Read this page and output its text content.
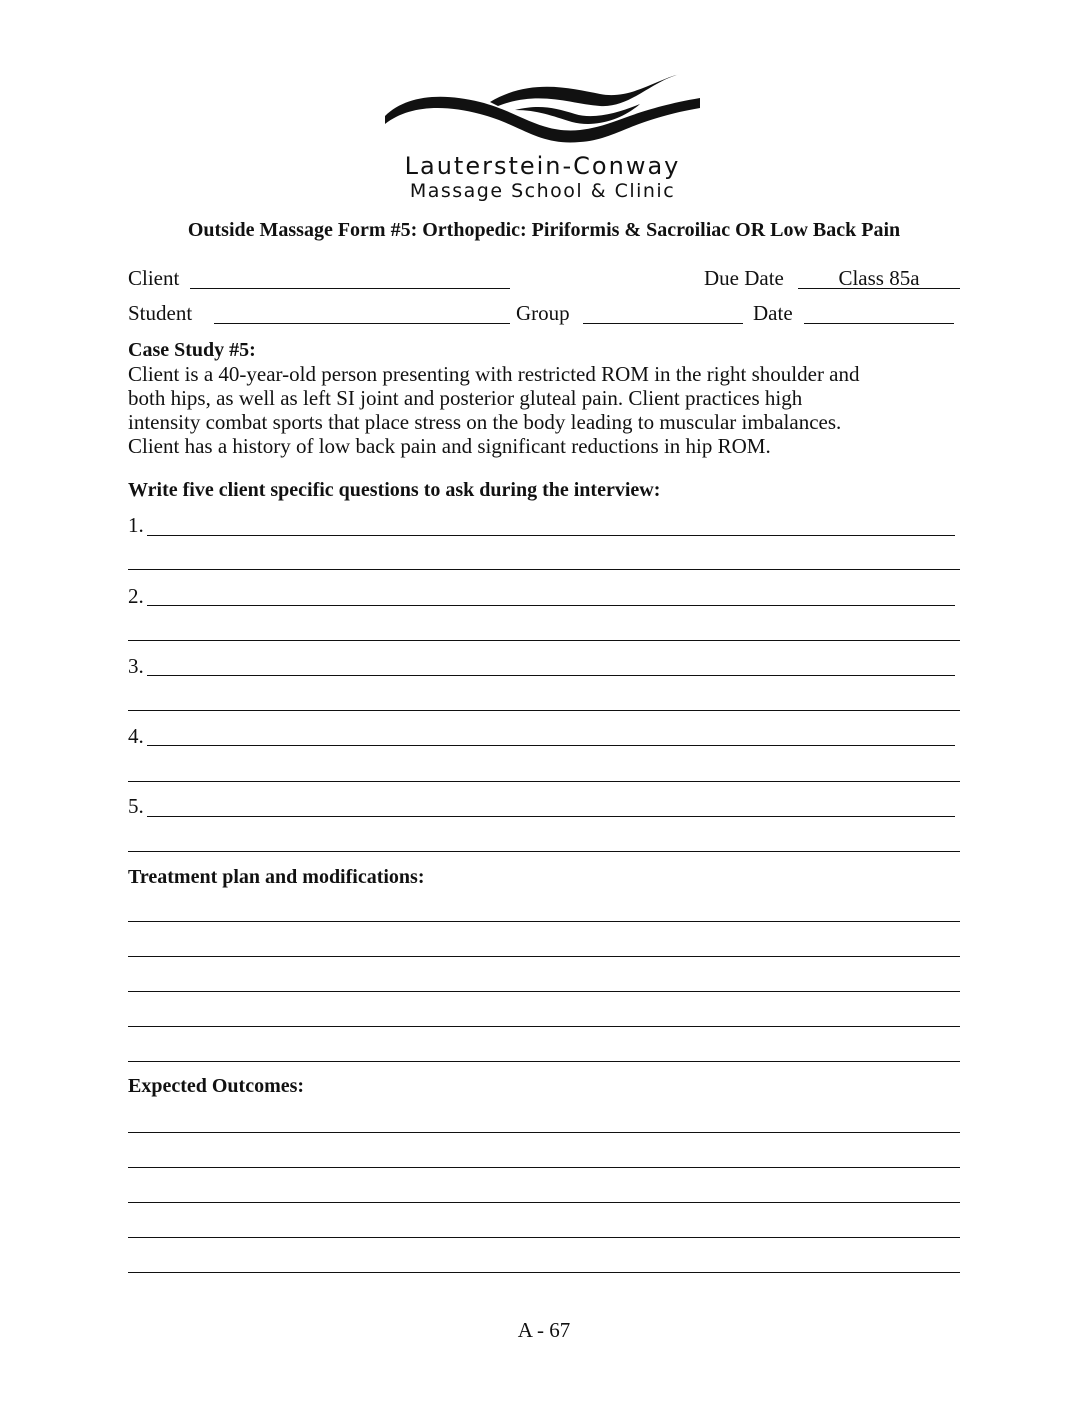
Lauterstein-Conway
Massage School & Clinic
Outside Massage Form #5: Orthopedic: Piriformis & Sacroiliac OR Low Back Pain
Client	Due Date	Class 85a
Student	Group	Date
Case Study #5:
Client is a 40-year-old person presenting with restricted ROM in the right shoulder and
both hips, as well as left SI joint and posterior gluteal pain. Client practices high
intensity combat sports that place stress on the body leading to muscular imbalances.
Client has a history of low back pain and significant reductions in hip ROM.
Write five client specific questions to ask during the interview:
1.
2.
3.
4.
5.
Treatment plan and modifications:
Expected Outcomes:
A - 67
